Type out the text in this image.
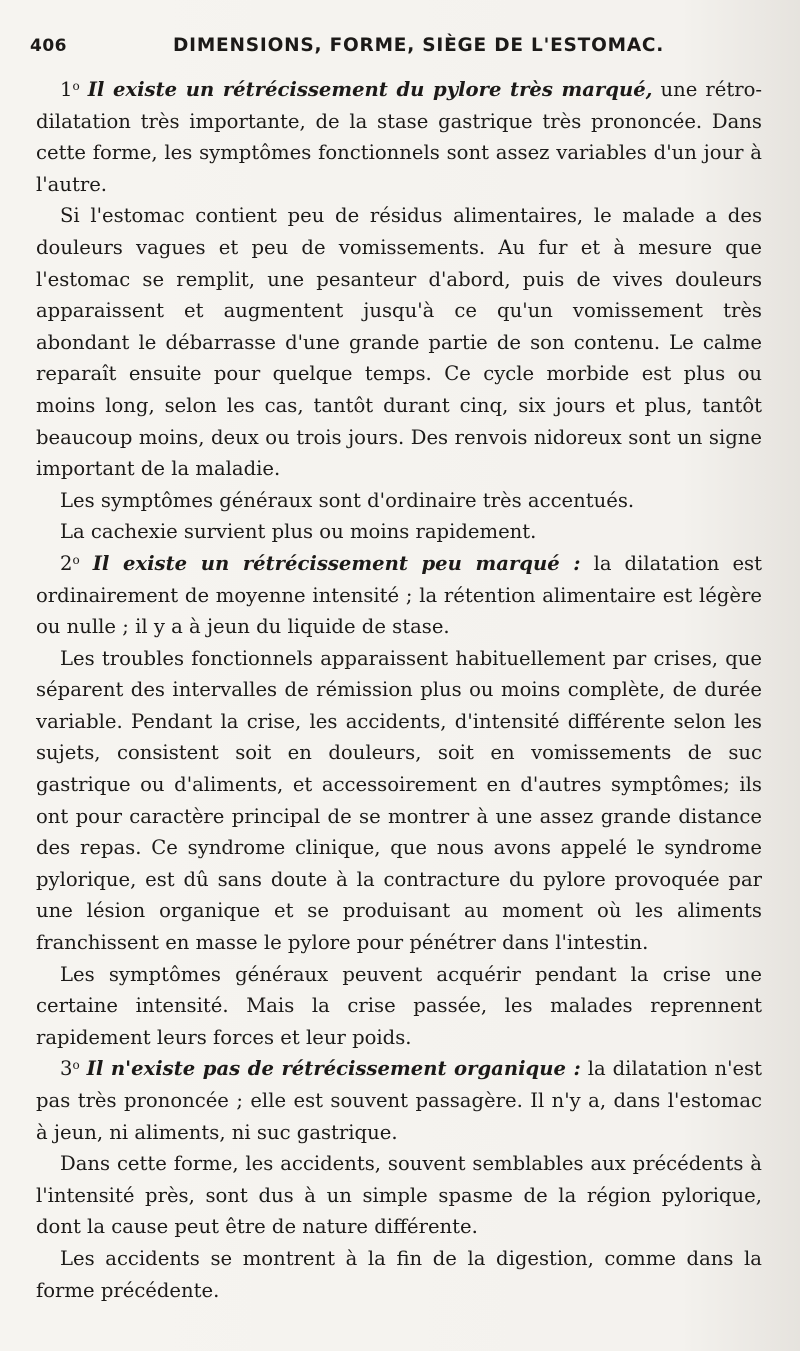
406	DIMENSIONS, FORME, SIÈGE DE L'ESTOMAC.

1$^o$ Il existe un rétrécissement du pylore très marqué, une rétro-dilatation très importante, de la stase gastrique très prononcée. Dans cette forme, les symptômes fonctionnels sont assez variables d'un jour à l'autre.

Si l'estomac contient peu de résidus alimentaires, le malade a des douleurs vagues et peu de vomissements. Au fur et à mesure que l'estomac se remplit, une pesanteur d'abord, puis de vives douleurs apparaissent et augmentent jusqu'à ce qu'un vomissement très abondant le débarrasse d'une grande partie de son contenu. Le calme reparaît ensuite pour quelque temps. Ce cycle morbide est plus ou moins long, selon les cas, tantôt durant cinq, six jours et plus, tantôt beaucoup moins, deux ou trois jours. Des renvois nidoreux sont un signe important de la maladie.

Les symptômes généraux sont d'ordinaire très accentués.

La cachexie survient plus ou moins rapidement.

2$^o$ Il existe un rétrécissement peu marqué : la dilatation est ordinairement de moyenne intensité ; la rétention alimentaire est légère ou nulle ; il y a à jeun du liquide de stase.

Les troubles fonctionnels apparaissent habituellement par crises, que séparent des intervalles de rémission plus ou moins complète, de durée variable. Pendant la crise, les accidents, d'intensité différente selon les sujets, consistent soit en douleurs, soit en vomissements de suc gastrique ou d'aliments, et accessoirement en d'autres symptômes; ils ont pour caractère principal de se montrer à une assez grande distance des repas. Ce syndrome clinique, que nous avons appelé le syndrome pylorique, est dû sans doute à la contracture du pylore provoquée par une lésion organique et se produisant au moment où les aliments franchissent en masse le pylore pour pénétrer dans l'intestin.

Les symptômes généraux peuvent acquérir pendant la crise une certaine intensité. Mais la crise passée, les malades reprennent rapidement leurs forces et leur poids.

3$^o$ Il n'existe pas de rétrécissement organique : la dilatation n'est pas très prononcée ; elle est souvent passagère. Il n'y a, dans l'estomac à jeun, ni aliments, ni suc gastrique.

Dans cette forme, les accidents, souvent semblables aux précédents à l'intensité près, sont dus à un simple spasme de la région pylorique, dont la cause peut être de nature différente.

Les accidents se montrent à la fin de la digestion, comme dans la forme précédente.
